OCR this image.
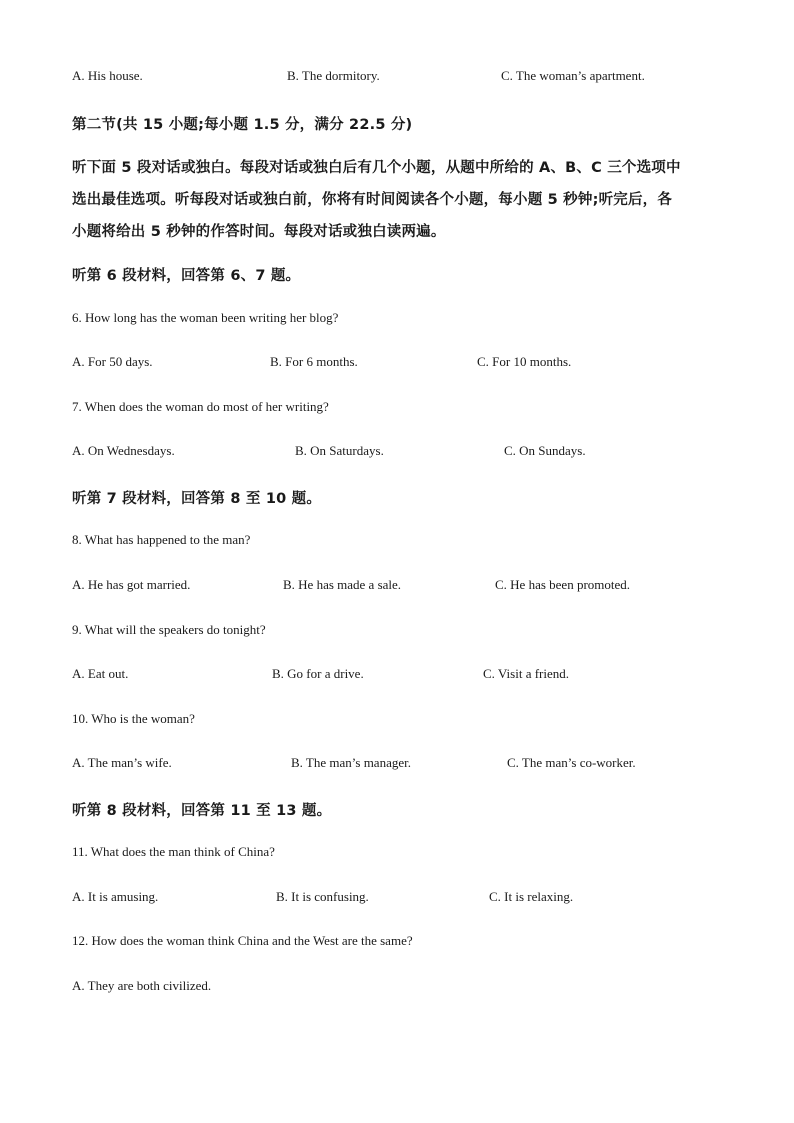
A. His house.	B. The dormitory.	C. The woman’s apartment.
第二节(共 15 小题;每小题 1.5 分，满分 22.5 分)
听下面 5 段对话或独白。每段对话或独白后有几个小题，从题中所给的 A、B、C 三个选项中
选出最佳选项。听每段对话或独白前，你将有时间阅读各个小题，每小题 5 秒钟;听完后，各
小题将给出 5 秒钟的作答时间。每段对话或独白读两遍。
听第 6 段材料，回答第 6、7 题。
6. How long has the woman been writing her blog?
A. For 50 days.	B. For 6 months.	C. For 10 months.
7. When does the woman do most of her writing?
A. On Wednesdays.	B. On Saturdays.	C. On Sundays.
听第 7 段材料，回答第 8 至 10 题。
8. What has happened to the man?
A. He has got married.	B. He has made a sale.	C. He has been promoted.
9. What will the speakers do tonight?
A. Eat out.	B. Go for a drive.	C. Visit a friend.
10. Who is the woman?
A. The man’s wife.	B. The man’s manager.	C. The man’s co-worker.
听第 8 段材料，回答第 11 至 13 题。
11. What does the man think of China?
A. It is amusing.	B. It is confusing.	C. It is relaxing.
12. How does the woman think China and the West are the same?
A. They are both civilized.
